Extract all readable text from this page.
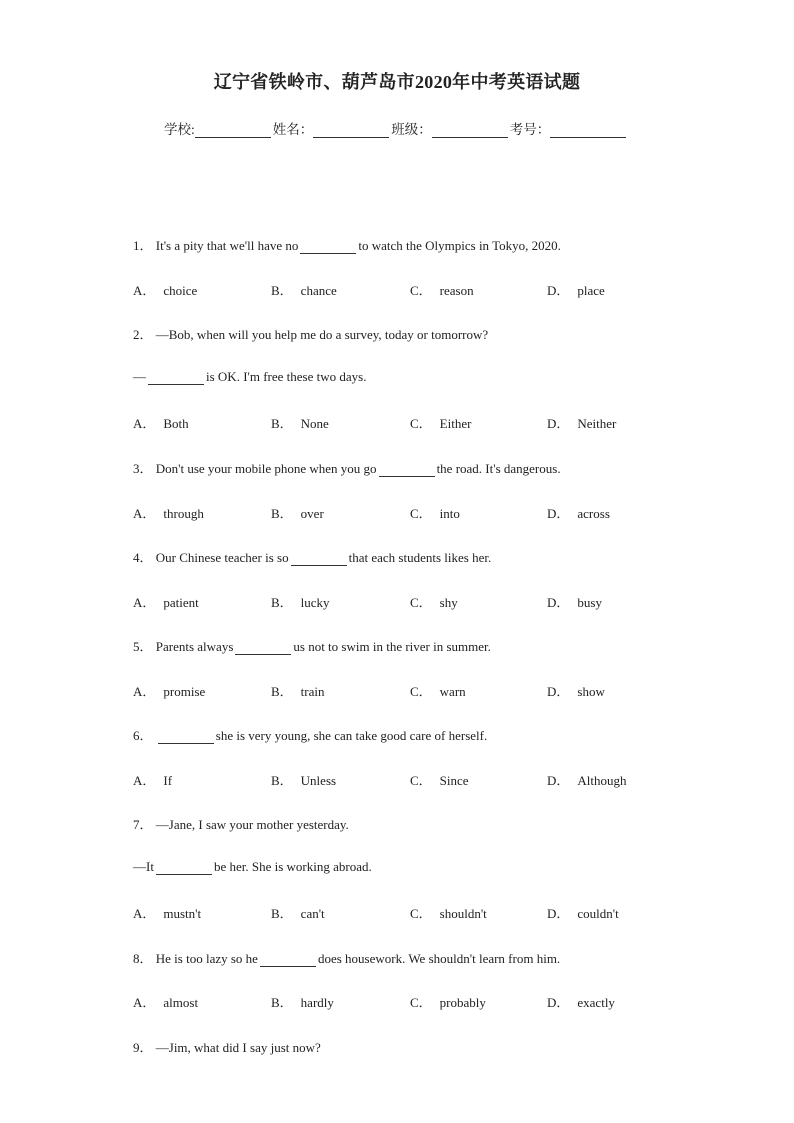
辽宁省铁岭市、葫芦岛市2020年中考英语试题
学校:	姓名：	班级：	考号：
1． It's a pity that we'll have no	to watch the Olympics in Tokyo, 2020.
A． choice	B． chance	C． reason	D． place
2． —Bob, when will you help me do a survey, today or tomorrow?
—	is OK. I'm free these two days.
A． Both	B． None	C． Either	D． Neither
3． Don't use your mobile phone when you go	the road. It's dangerous.
A． through	B． over	C． into	D． across
4． Our Chinese teacher is so	that each students likes her.
A． patient	B． lucky	C． shy	D． busy
5． Parents always	us not to swim in the river in summer.
A． promise	B． train	C． warn	D． show
6．	she is very young, she can take good care of herself.
A． If	B． Unless	C． Since	D． Although
7． —Jane, I saw your mother yesterday.
—It	be her. She is working abroad.
A． mustn't	B． can't	C． shouldn't	D． couldn't
8． He is too lazy so he	does housework. We shouldn't learn from him.
A． almost	B． hardly	C． probably	D． exactly
9． —Jim, what did I say just now?
